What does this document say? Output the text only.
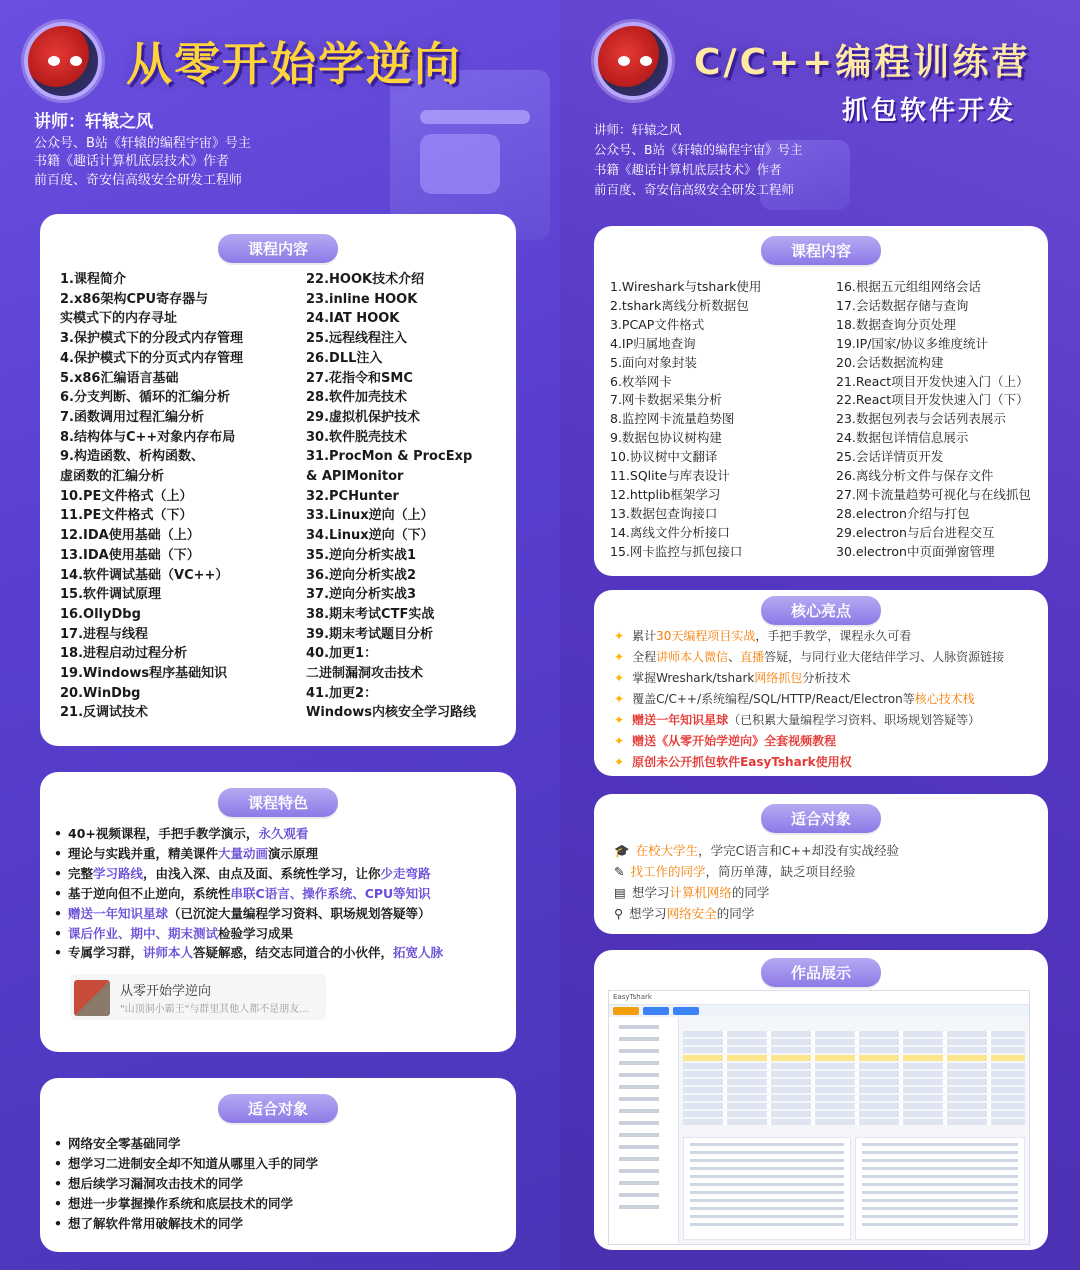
从零开始学逆向
讲师：轩辕之风
公众号、B站《轩辕的编程宇宙》号主
书籍《趣话计算机底层技术》作者
前百度、奇安信高级安全研发工程师
课程内容
1.课程简介
2.x86架构CPU寄存器与
实模式下的内存寻址
3.保护模式下的分段式内存管理
4.保护模式下的分页式内存管理
5.x86汇编语言基础
6.分支判断、循环的汇编分析
7.函数调用过程汇编分析
8.结构体与C++对象内存布局
9.构造函数、析构函数、
虚函数的汇编分析
10.PE文件格式（上）
11.PE文件格式（下）
12.IDA使用基础（上）
13.IDA使用基础（下）
14.软件调试基础（VC++）
15.软件调试原理
16.OllyDbg
17.进程与线程
18.进程启动过程分析
19.Windows程序基础知识
20.WinDbg
21.反调试技术
22.HOOK技术介绍
23.inline HOOK
24.IAT HOOK
25.远程线程注入
26.DLL注入
27.花指令和SMC
28.软件加壳技术
29.虚拟机保护技术
30.软件脱壳技术
31.ProcMon & ProcExp
& APIMonitor
32.PCHunter
33.Linux逆向（上）
34.Linux逆向（下）
35.逆向分析实战1
36.逆向分析实战2
37.逆向分析实战3
38.期末考试CTF实战
39.期末考试题目分析
40.加更1：
二进制漏洞攻击技术
41.加更2：
Windows内核安全学习路线
课程特色
• 40+视频课程，手把手教学演示，永久观看
• 理论与实践并重，精美课件大量动画演示原理
• 完整学习路线，由浅入深、由点及面、系统性学习，让你少走弯路
• 基于逆向但不止逆向，系统性串联C语言、操作系统、CPU等知识
• 赠送一年知识星球（已沉淀大量编程学习资料、职场规划答疑等）
• 课后作业、期中、期末测试检验学习成果
• 专属学习群，讲师本人答疑解惑，结交志同道合的小伙伴，拓宽人脉
从零开始学逆向
"山顶洞小霸王"与群里其他人都不是朋友...
适合对象
• 网络安全零基础同学
• 想学习二进制安全却不知道从哪里入手的同学
• 想后续学习漏洞攻击技术的同学
• 想进一步掌握操作系统和底层技术的同学
• 想了解软件常用破解技术的同学
C/C++编程训练营
抓包软件开发
讲师：轩辕之风
公众号、B站《轩辕的编程宇宙》号主
书籍《趣话计算机底层技术》作者
前百度、奇安信高级安全研发工程师
课程内容
1.Wireshark与tshark使用
2.tshark离线分析数据包
3.PCAP文件格式
4.IP归属地查询
5.面向对象封装
6.枚举网卡
7.网卡数据采集分析
8.监控网卡流量趋势图
9.数据包协议树构建
10.协议树中文翻译
11.SQlite与库表设计
12.httplib框架学习
13.数据包查询接口
14.离线文件分析接口
15.网卡监控与抓包接口
16.根据五元组组网络会话
17.会话数据存储与查询
18.数据查询分页处理
19.IP/国家/协议多维度统计
20.会话数据流构建
21.React项目开发快速入门（上）
22.React项目开发快速入门（下）
23.数据包列表与会话列表展示
24.数据包详情信息展示
25.会话详情页开发
26.离线分析文件与保存文件
27.网卡流量趋势可视化与在线抓包
28.electron介绍与打包
29.electron与后台进程交互
30.electron中页面弹窗管理
核心亮点
✦ 累计30天编程项目实战，手把手教学，课程永久可看
✦ 全程讲师本人微信、直播答疑，与同行业大佬结伴学习、人脉资源链接
✦ 掌握Wreshark/tshark网络抓包分析技术
✦ 覆盖C/C++/系统编程/SQL/HTTP/React/Electron等核心技术栈
✦ 赠送一年知识星球（已积累大量编程学习资料、职场规划答疑等）
✦ 赠送《从零开始学逆向》全套视频教程
✦ 原创未公开抓包软件EasyTshark使用权
适合对象
🎓 在校大学生，学完C语言和C++却没有实战经验
✎ 找工作的同学，简历单薄，缺乏项目经验
▤ 想学习计算机网络的同学
⚲ 想学习网络安全的同学
作品展示
EasyTshark
